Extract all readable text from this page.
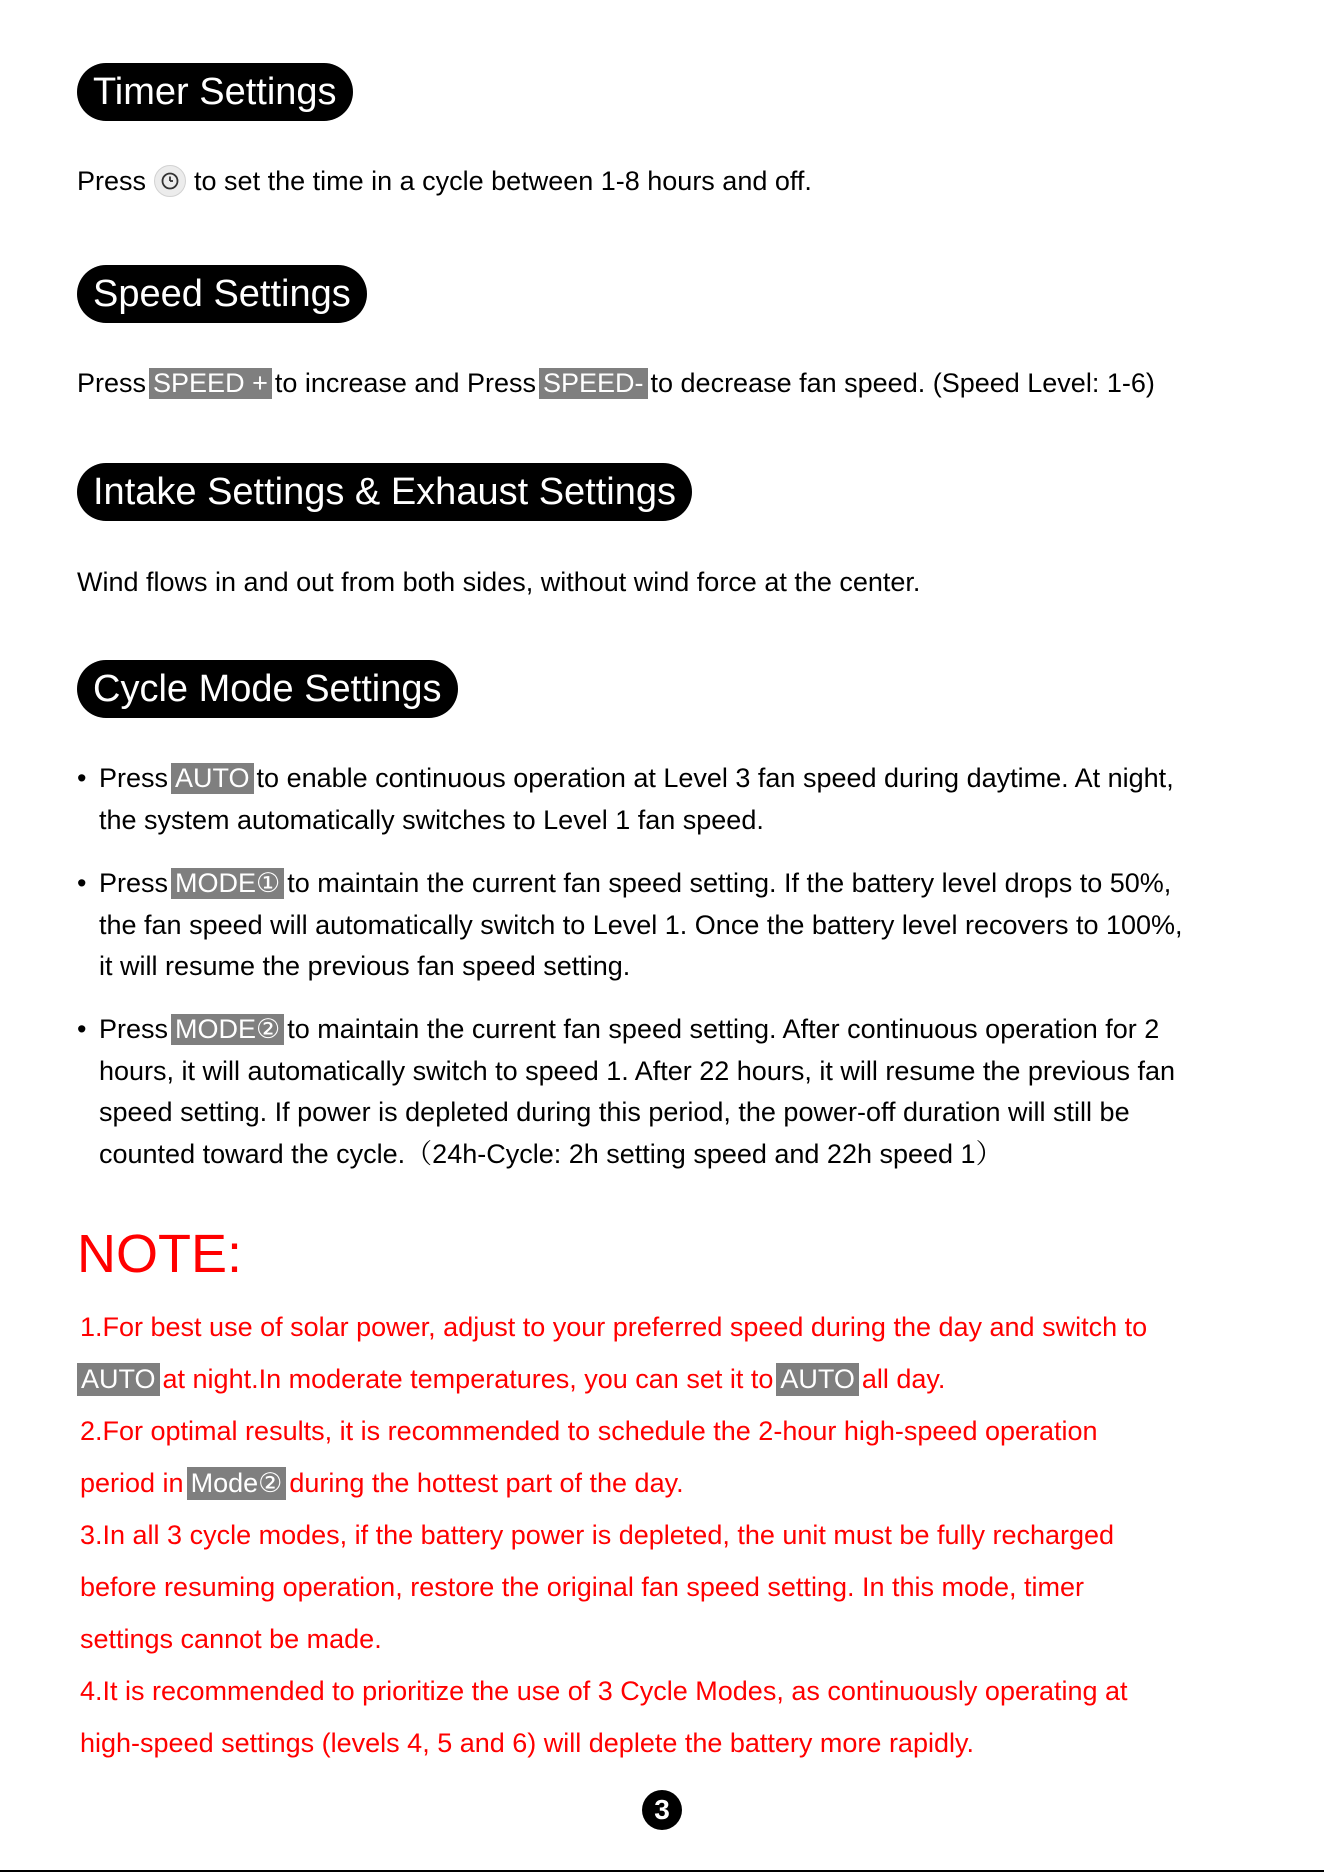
Timer Settings
Press to set the time in a cycle between 1-8 hours and off.
Speed Settings
Press SPEED + to increase and Press SPEED- to decrease fan speed. (Speed Level: 1-6)
Intake Settings & Exhaust Settings
Wind flows in and out from both sides, without wind force at the center.
Cycle Mode Settings
• Press AUTO to enable continuous operation at Level 3 fan speed during daytime. At night,
the system automatically switches to Level 1 fan speed.
• Press MODE① to maintain the current fan speed setting. If the battery level drops to 50%,
the fan speed will automatically switch to Level 1. Once the battery level recovers to 100%,
it will resume the previous fan speed setting.
• Press MODE② to maintain the current fan speed setting. After continuous operation for 2
hours, it will automatically switch to speed 1. After 22 hours, it will resume the previous fan
speed setting. If power is depleted during this period, the power-off duration will still be
counted toward the cycle.（24h-Cycle: 2h setting speed and 22h speed 1）
NOTE:
1.For best use of solar power, adjust to your preferred speed during the day and switch to
AUTO at night.In moderate temperatures, you can set it to AUTO all day.
2.For optimal results, it is recommended to schedule the 2-hour high-speed operation
period in Mode② during the hottest part of the day.
3.In all 3 cycle modes, if the battery power is depleted, the unit must be fully recharged
before resuming operation, restore the original fan speed setting. In this mode, timer
settings cannot be made.
4.It is recommended to prioritize the use of 3 Cycle Modes, as continuously operating at
high-speed settings (levels 4, 5 and 6) will deplete the battery more rapidly.
3
